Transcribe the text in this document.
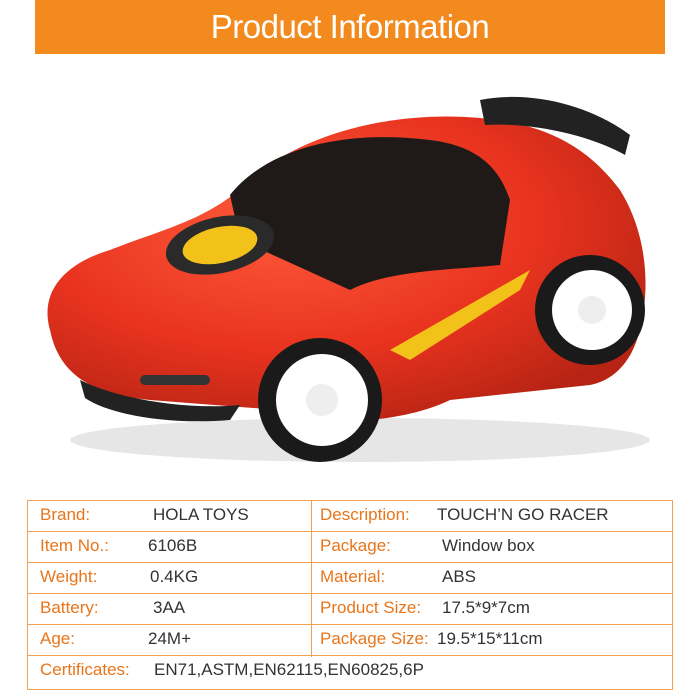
Product Information
Brand:	HOLA TOYS	Description: TOUCH’N GO RACER
Item No.: 6106B	Package:	Window box
Weight:	0.4KG	Material:	ABS
Battery:	3AA	Product Size: 17.5*9*7cm
Age:	24M+	Package Size: 19.5*15*11cm
Certificates: EN71,ASTM,EN62115,EN60825,6P
